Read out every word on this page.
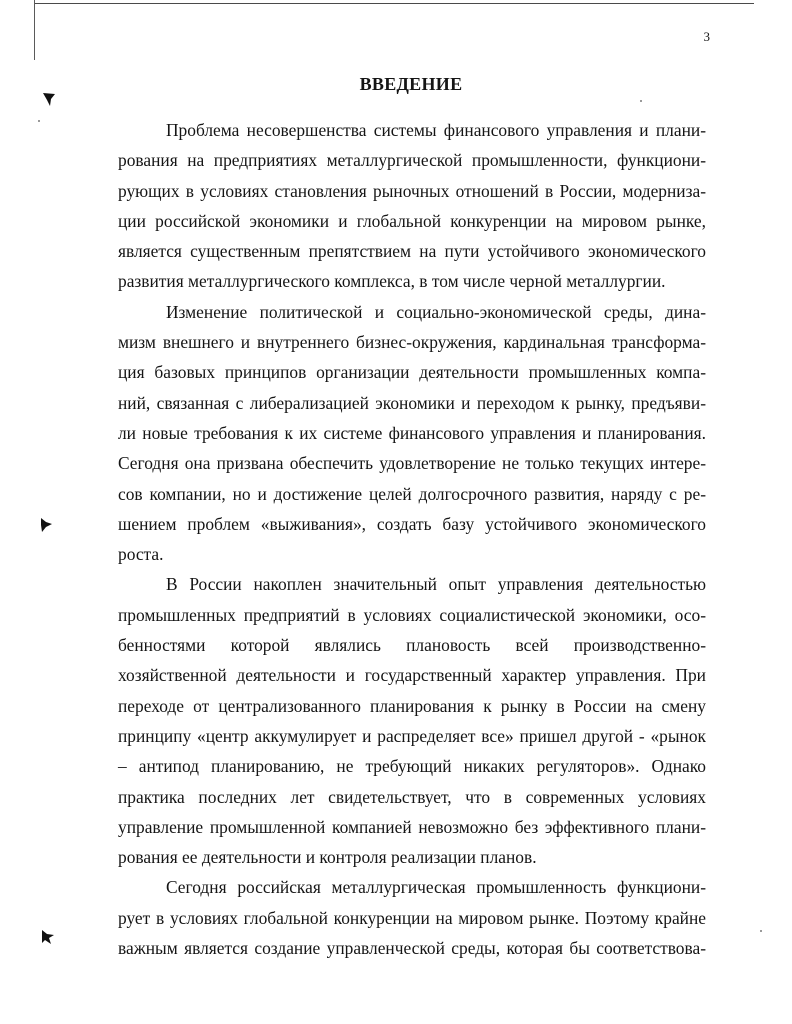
3
ВВЕДЕНИЕ
Проблема несовершенства системы финансового управления и плани-
рования на предприятиях металлургической промышленности, функциони-
рующих в условиях становления рыночных отношений в России, модерниза-
ции российской экономики и глобальной конкуренции на мировом рынке,
является существенным препятствием на пути устойчивого экономического
развития металлургического комплекса, в том числе черной металлургии.
Изменение политической и социально-экономической среды, дина-
мизм внешнего и внутреннего бизнес-окружения, кардинальная трансформа-
ция базовых принципов организации деятельности промышленных компа-
ний, связанная с либерализацией экономики и переходом к рынку, предъяви-
ли новые требования к их системе финансового управления и планирования.
Сегодня она призвана обеспечить удовлетворение не только текущих интере-
сов компании, но и достижение целей долгосрочного развития, наряду с ре-
шением проблем «выживания», создать базу устойчивого экономического
роста.
В России накоплен значительный опыт управления деятельностью
промышленных предприятий в условиях социалистической экономики, осо-
бенностями которой являлись плановость всей производственно-
хозяйственной деятельности и государственный характер управления. При
переходе от централизованного планирования к рынку в России на смену
принципу «центр аккумулирует и распределяет все» пришел другой - «рынок
– антипод планированию, не требующий никаких регуляторов». Однако
практика последних лет свидетельствует, что в современных условиях
управление промышленной компанией невозможно без эффективного плани-
рования ее деятельности и контроля реализации планов.
Сегодня российская металлургическая промышленность функциони-
рует в условиях глобальной конкуренции на мировом рынке. Поэтому крайне
важным является создание управленческой среды, которая бы соответствова-
